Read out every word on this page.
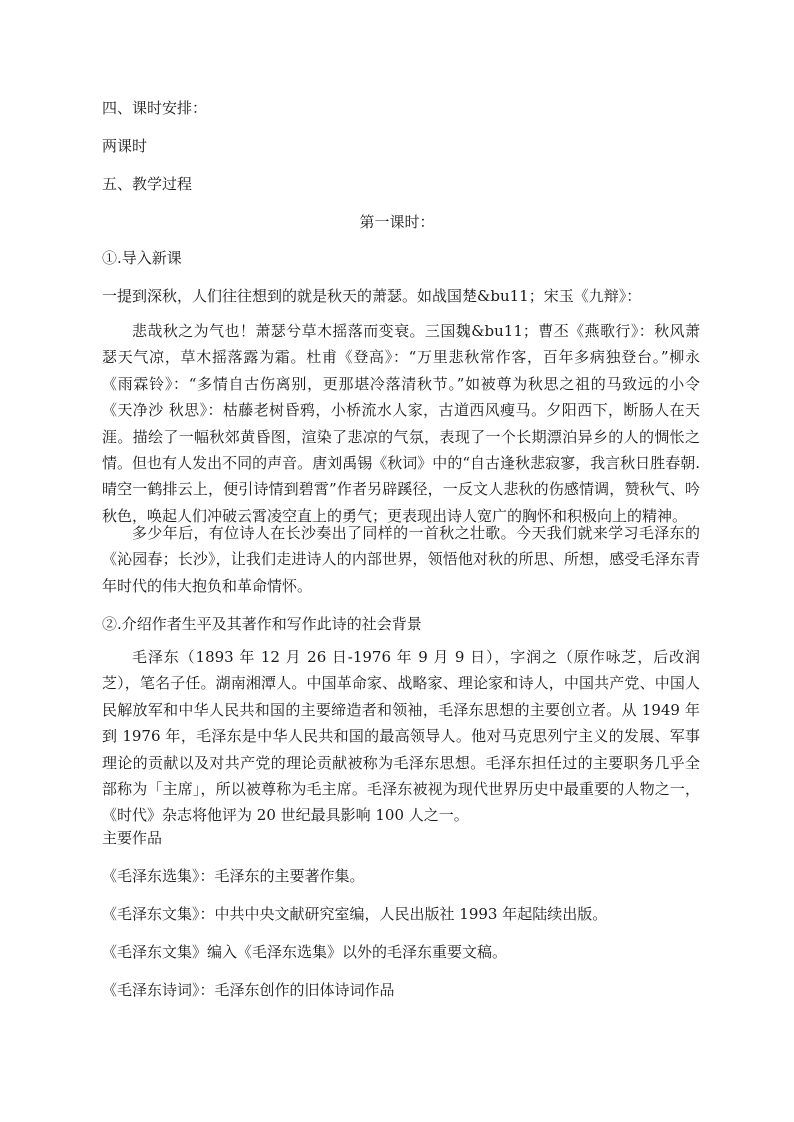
四、课时安排：

两课时

五、教学过程

第一课时：

①.导入新课

一提到深秋，人们往往想到的就是秋天的萧瑟。如战国楚&bu11；宋玉《九辩》：

悲哉秋之为气也！萧瑟兮草木摇落而变衰。三国魏&bu11；曹丕《燕歌行》：秋风萧瑟天气凉，草木摇落露为霜。杜甫《登高》：“万里悲秋常作客，百年多病独登台。”柳永《雨霖铃》：“多情自古伤离别，更那堪冷落清秋节。”如被尊为秋思之祖的马致远的小令《天净沙 秋思》：枯藤老树昏鸦，小桥流水人家，古道西风瘦马。夕阳西下，断肠人在天涯。描绘了一幅秋郊黄昏图，渲染了悲凉的气氛，表现了一个长期漂泊异乡的人的惆怅之情。但也有人发出不同的声音。唐刘禹锡《秋词》中的“自古逢秋悲寂寥，我言秋日胜春朝.晴空一鹤排云上，便引诗情到碧霄”作者另辟蹊径，一反文人悲秋的伤感情调，赞秋气、吟秋色，唤起人们冲破云霄凌空直上的勇气；更表现出诗人宽广的胸怀和积极向上的精神。

多少年后，有位诗人在长沙奏出了同样的一首秋之壮歌。今天我们就来学习毛泽东的《沁园春；长沙》，让我们走进诗人的内部世界，领悟他对秋的所思、所想，感受毛泽东青年时代的伟大抱负和革命情怀。

②.介绍作者生平及其著作和写作此诗的社会背景

毛泽东（1893 年 12 月 26 日-1976 年 9 月 9 日），字润之（原作咏芝，后改润芝），笔名子任。湖南湘潭人。中国革命家、战略家、理论家和诗人，中国共产党、中国人民解放军和中华人民共和国的主要缔造者和领袖，毛泽东思想的主要创立者。从 1949 年到 1976 年，毛泽东是中华人民共和国的最高领导人。他对马克思列宁主义的发展、军事理论的贡献以及对共产党的理论贡献被称为毛泽东思想。毛泽东担任过的主要职务几乎全部称为「主席」，所以被尊称为毛主席。毛泽东被视为现代世界历史中最重要的人物之一，《时代》杂志将他评为 20 世纪最具影响 100 人之一。

主要作品

《毛泽东选集》：毛泽东的主要著作集。

《毛泽东文集》：中共中央文献研究室编，人民出版社 1993 年起陆续出版。

《毛泽东文集》编入《毛泽东选集》以外的毛泽东重要文稿。

《毛泽东诗词》：毛泽东创作的旧体诗词作品
